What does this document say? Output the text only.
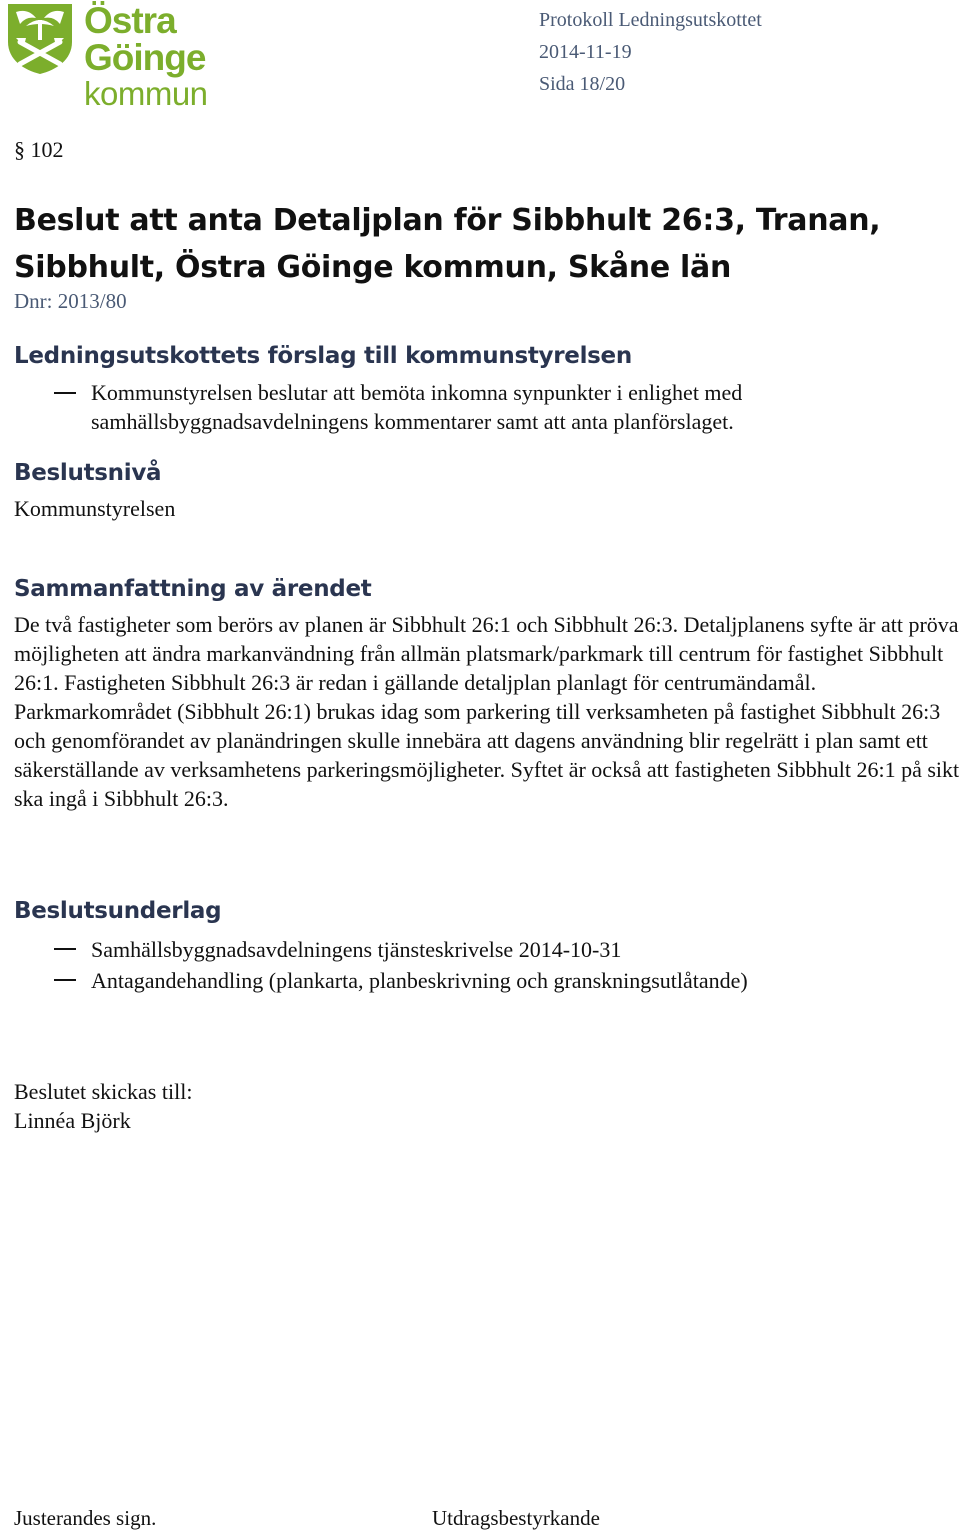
Östra Göinge
kommun
Protokoll Ledningsutskottet
2014-11-19
Sida 18/20
§ 102
Beslut att anta Detaljplan för Sibbhult 26:3, Tranan, Sibbhult, Östra Göinge kommun, Skåne län
Dnr: 2013/80
Ledningsutskottets förslag till kommunstyrelsen
Kommunstyrelsen beslutar att bemöta inkomna synpunkter i enlighet med samhällsbyggnadsavdelningens kommentarer samt att anta planförslaget.
Beslutsnivå

Kommunstyrelsen

Sammanfattning av ärendet

De två fastigheter som berörs av planen är Sibbhult 26:1 och Sibbhult 26:3. Detaljplanens syfte är att pröva möjligheten att ändra markanvändning från allmän platsmark/parkmark till centrum för fastighet Sibbhult 26:1. Fastigheten Sibbhult 26:3 är redan i gällande detaljplan planlagt för centrumändamål. Parkmarkområdet (Sibbhult 26:1) brukas idag som parkering till verksamheten på fastighet Sibbhult 26:3 och genomförandet av planändringen skulle innebära att dagens användning blir regelrätt i plan samt ett säkerställande av verksamhetens parkeringsmöjligheter. Syftet är också att fastigheten Sibbhult 26:1 på sikt ska ingå i Sibbhult 26:3.

Beslutsunderlag
Samhällsbyggnadsavdelningens tjänsteskrivelse 2014-10-31
Antagandehandling (plankarta, planbeskrivning och granskningsutlåtande)
Beslutet skickas till:
Linnéa Björk
Justerandes sign.	Utdragsbestyrkande
